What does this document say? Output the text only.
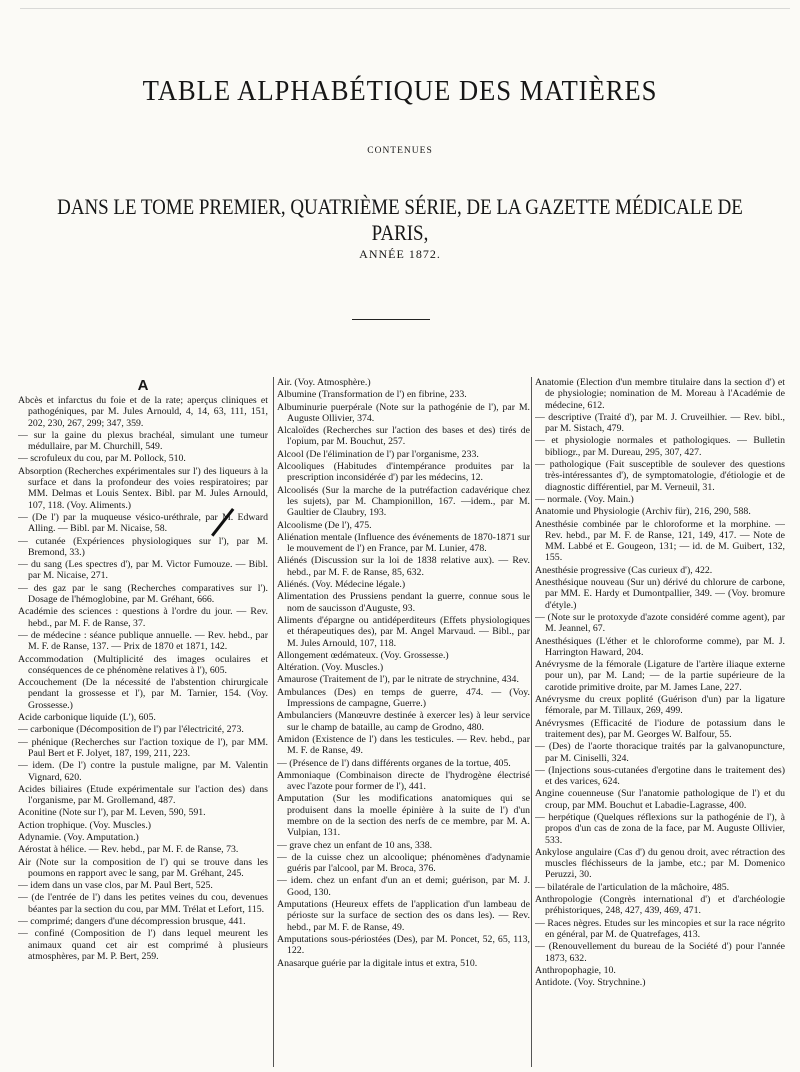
TABLE ALPHABÉTIQUE DES MATIÈRES
CONTENUES
DANS LE TOME PREMIER, QUATRIÈME SÉRIE, DE LA GAZETTE MÉDICALE DE PARIS,
ANNÉE 1872.
A
Abcès et infarctus du foie et de la rate; aperçus cliniques et pathogéniques, par M. Jules Arnould, 4, 14, 63, 111, 151, 202, 230, 267, 299; 347, 359.
— sur la gaine du plexus brachéal, simulant une tumeur médullaire, par M. Churchill, 549.
— scrofuleux du cou, par M. Pollock, 510.
Absorption (Recherches expérimentales sur l') des liqueurs à la surface et dans la profondeur des voies respiratoires; par MM. Delmas et Louis Sentex. Bibl. par M. Jules Arnould, 107, 118. (Voy. Aliments.)
— (De l') par la muqueuse vésico-uréthrale, par M. Edward Alling. — Bibl. par M. Nicaise, 58.
— cutanée (Expériences physiologiques sur l'), par M. Bremond, 33.)
— du sang (Les spectres d'), par M. Victor Fumouze. — Bibl. par M. Nicaise, 271.
— des gaz par le sang (Recherches comparatives sur l'). Dosage de l'hémoglobine, par M. Gréhant, 666.
Académie des sciences : questions à l'ordre du jour. — Rev. hebd., par M. F. de Ranse, 37.
— de médecine : séance publique annuelle. — Rev. hebd., par M. F. de Ranse, 137. — Prix de 1870 et 1871, 142.
Accommodation (Multiplicité des images oculaires et conséquences de ce phénomène relatives à l'), 605.
Accouchement (De la nécessité de l'abstention chirurgicale pendant la grossesse et l'), par M. Tarnier, 154. (Voy. Grossesse.)
Acide carbonique liquide (L'), 605.
— carbonique (Décomposition de l') par l'électricité, 273.
— phénique (Recherches sur l'action toxique de l'), par MM. Paul Bert et F. Jolyet, 187, 199, 211, 223.
— idem. (De l') contre la pustule maligne, par M. Valentin Vignard, 620.
Acides biliaires (Etude expérimentale sur l'action des) dans l'organisme, par M. Grollemand, 487.
Aconitine (Note sur l'), par M. Leven, 590, 591.
Action trophique. (Voy. Muscles.)
Adynamie. (Voy. Amputation.)
Aérostat à hélice. — Rev. hebd., par M. F. de Ranse, 73.
Air (Note sur la composition de l') qui se trouve dans les poumons en rapport avec le sang, par M. Gréhant, 245.
— idem dans un vase clos, par M. Paul Bert, 525.
— (de l'entrée de l') dans les petites veines du cou, devenues béantes par la section du cou, par MM. Trélat et Lefort, 115.
— comprimé; dangers d'une décompression brusque, 441.
— confiné (Composition de l') dans lequel meurent les animaux quand cet air est comprimé à plusieurs atmosphères, par M. P. Bert, 259.
Air. (Voy. Atmosphère.)
Albumine (Transformation de l') en fibrine, 233.
Albuminurie puerpérale (Note sur la pathogénie de l'), par M. Auguste Ollivier, 374.
Alcaloïdes (Recherches sur l'action des bases et des) tirés de l'opium, par M. Bouchut, 257.
Alcool (De l'élimination de l') par l'organisme, 233.
Alcooliques (Habitudes d'intempérance produites par la prescription inconsidérée d') par les médecins, 12.
Alcoolisés (Sur la marche de la putréfaction cadavérique chez les sujets), par M. Championillon, 167. —idem., par M. Gaultier de Claubry, 193.
Alcoolisme (De l'), 475.
Aliénation mentale (Influence des événements de 1870-1871 sur le mouvement de l') en France, par M. Lunier, 478.
Aliénés (Discussion sur la loi de 1838 relative aux). — Rev. hebd., par M. F. de Ranse, 85, 632.
Aliénés. (Voy. Médecine légale.)
Alimentation des Prussiens pendant la guerre, connue sous le nom de saucisson d'Auguste, 93.
Aliments d'épargne ou antidéperditeurs (Effets physiologiques et thérapeutiques des), par M. Angel Marvaud. — Bibl., par M. Jules Arnould, 107, 118.
Allongement œdémateux. (Voy. Grossesse.)
Altération. (Voy. Muscles.)
Amaurose (Traitement de l'), par le nitrate de strychnine, 434.
Ambulances (Des) en temps de guerre, 474. — (Voy. Impressions de campagne, Guerre.)
Ambulanciers (Manœuvre destinée à exercer les) à leur service sur le champ de bataille, au camp de Grodno, 480.
Amidon (Existence de l') dans les testicules. — Rev. hebd., par M. F. de Ranse, 49.
— (Présence de l') dans différents organes de la tortue, 405.
Ammoniaque (Combinaison directe de l'hydrogène électrisé avec l'azote pour former de l'), 441.
Amputation (Sur les modifications anatomiques qui se produisent dans la moelle épinière à la suite de l') d'un membre on de la section des nerfs de ce membre, par M. A. Vulpian, 131.
— grave chez un enfant de 10 ans, 338.
— de la cuisse chez un alcoolique; phénomènes d'adynamie guéris par l'alcool, par M. Broca, 376.
— idem. chez un enfant d'un an et demi; guérison, par M. J. Good, 130.
Amputations (Heureux effets de l'application d'un lambeau de périoste sur la surface de section des os dans les). — Rev. hebd., par M. F. de Ranse, 49.
Amputations sous-périostées (Des), par M. Poncet, 52, 65, 113, 122.
Anasarque guérie par la digitale intus et extra, 510.
Anatomie (Election d'un membre titulaire dans la section d') et de physiologie; nomination de M. Moreau à l'Académie de médecine, 612.
— descriptive (Traité d'), par M. J. Cruveilhier. — Rev. bibl., par M. Sistach, 479.
— et physiologie normales et pathologiques. — Bulletin bibliogr., par M. Dureau, 295, 307, 427.
— pathologique (Fait susceptible de soulever des questions très-intéressantes d'), de symptomatologie, d'étiologie et de diagnostic différentiel, par M. Verneuil, 31.
— normale. (Voy. Main.)
Anatomie und Physiologie (Archiv für), 216, 290, 588.
Anesthésie combinée par le chloroforme et la morphine. — Rev. hebd., par M. F. de Ranse, 121, 149, 417. — Note de MM. Labbé et E. Gougeon, 131; — id. de M. Guibert, 132, 155.
Anesthésie progressive (Cas curieux d'), 422.
Anesthésique nouveau (Sur un) dérivé du chlorure de carbone, par MM. E. Hardy et Dumontpallier, 349. — (Voy. bromure d'étyle.)
— (Note sur le protoxyde d'azote considéré comme agent), par M. Jeannel, 67.
Anesthésiques (L'éther et le chloroforme comme), par M. J. Harrington Haward, 204.
Anévrysme de la fémorale (Ligature de l'artère iliaque externe pour un), par M. Land; — de la partie supérieure de la carotide primitive droite, par M. James Lane, 227.
Anévrysme du creux poplité (Guérison d'un) par la ligature fémorale, par M. Tillaux, 269, 499.
Anévrysmes (Efficacité de l'iodure de potassium dans le traitement des), par M. Georges W. Balfour, 55.
— (Des) de l'aorte thoracique traités par la galvanopuncture, par M. Ciniselli, 324.
— (Injections sous-cutanées d'ergotine dans le traitement des) et des varices, 624.
Angine couenneuse (Sur l'anatomie pathologique de l') et du croup, par MM. Bouchut et Labadie-Lagrasse, 400.
— herpétique (Quelques réflexions sur la pathogénie de l'), à propos d'un cas de zona de la face, par M. Auguste Ollivier, 533.
Ankylose angulaire (Cas d') du genou droit, avec rétraction des muscles fléchisseurs de la jambe, etc.; par M. Domenico Peruzzi, 30.
— bilatérale de l'articulation de la mâchoire, 485.
Anthropologie (Congrès international d') et d'archéologie préhistoriques, 248, 427, 439, 469, 471.
— Races nègres. Etudes sur les mincopies et sur la race négrito en général, par M. de Quatrefages, 413.
— (Renouvellement du bureau de la Société d') pour l'année 1873, 632.
Anthropophagie, 10.
Antidote. (Voy. Strychnine.)
